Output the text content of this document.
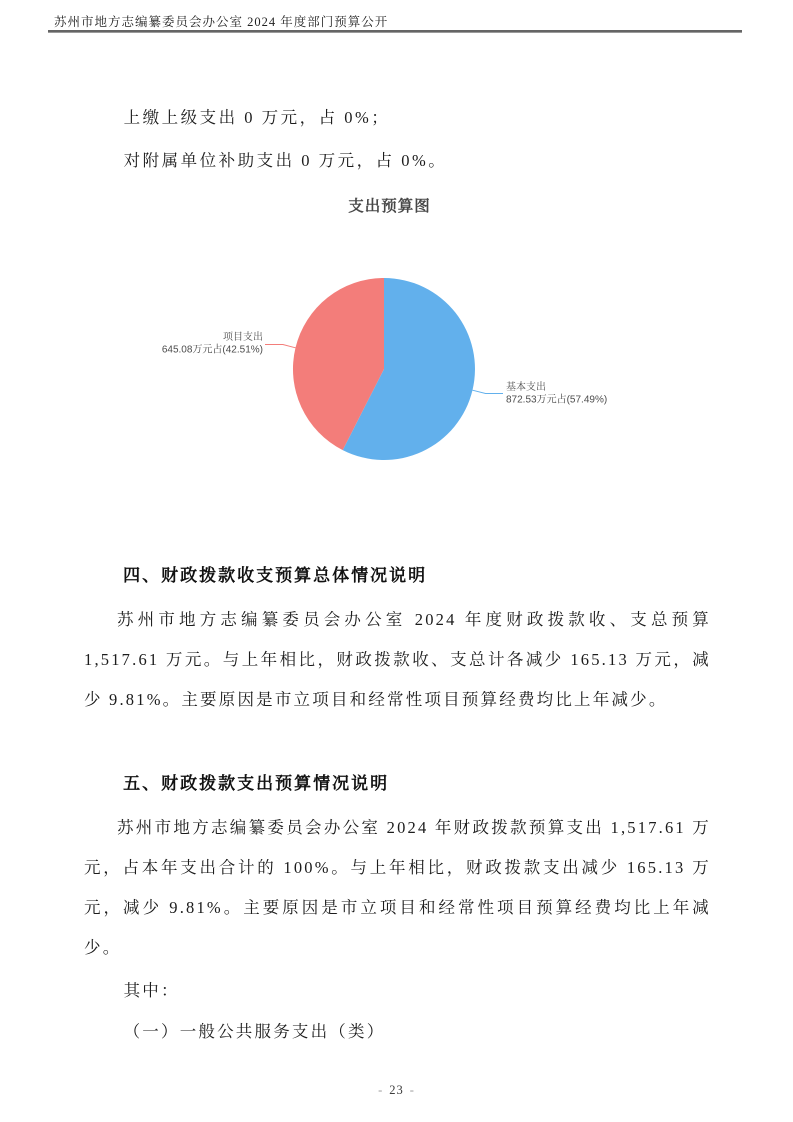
苏州市地方志编纂委员会办公室 2024 年度部门预算公开
上缴上级支出 0 万元，占 0%；
对附属单位补助支出 0 万元，占 0%。
支出预算图
项目支出
645.08万元占(42.51%)
基本支出
872.53万元占(57.49%)
四、财政拨款收支预算总体情况说明
苏州市地方志编纂委员会办公室 2024 年度财政拨款收、支总预算 1,517.61 万元。与上年相比，财政拨款收、支总计各减少 165.13 万元，减少 9.81%。主要原因是市立项目和经常性项目预算经费均比上年减少。
五、财政拨款支出预算情况说明
苏州市地方志编纂委员会办公室 2024 年财政拨款预算支出 1,517.61 万元，占本年支出合计的 100%。与上年相比，财政拨款支出减少 165.13 万元，减少 9.81%。主要原因是市立项目和经常性项目预算经费均比上年减少。
其中：
（一）一般公共服务支出（类）
- 23 -
